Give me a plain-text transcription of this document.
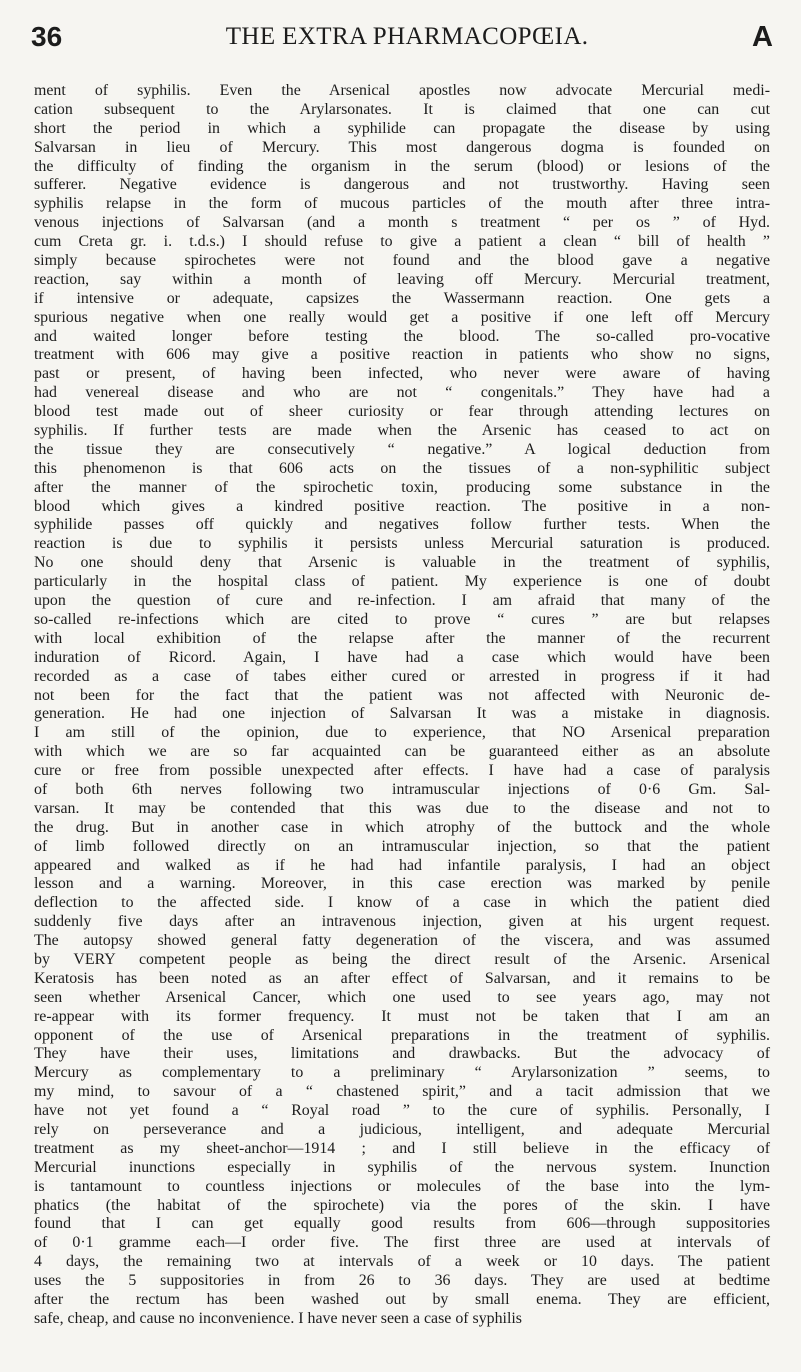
36	THE EXTRA PHARMACOPŒIA.	A
ment of syphilis. Even the Arsenical apostles now advocate Mercurial medi-
cation subsequent to the Arylarsonates. It is claimed that one can cut
short the period in which a syphilide can propagate the disease by using
Salvarsan in lieu of Mercury. This most dangerous dogma is founded on
the difficulty of finding the organism in the serum (blood) or lesions of the
sufferer. Negative evidence is dangerous and not trustworthy. Having seen
syphilis relapse in the form of mucous particles of the mouth after three intra-
venous injections of Salvarsan (and a month s treatment “ per os ” of Hyd.
cum Creta gr. i. t.d.s.) I should refuse to give a patient a clean “ bill of health ”
simply because spirochetes were not found and the blood gave a negative
reaction, say within a month of leaving off Mercury. Mercurial treatment,
if intensive or adequate, capsizes the Wassermann reaction. One gets a
spurious negative when one really would get a positive if one left off Mercury
and waited longer before testing the blood. The so-called pro-vocative
treatment with 606 may give a positive reaction in patients who show no signs,
past or present, of having been infected, who never were aware of having
had venereal disease and who are not “ congenitals.” They have had a
blood test made out of sheer curiosity or fear through attending lectures on
syphilis. If further tests are made when the Arsenic has ceased to act on
the tissue they are consecutively “ negative.” A logical deduction from
this phenomenon is that 606 acts on the tissues of a non-syphilitic subject
after the manner of the spirochetic toxin, producing some substance in the
blood which gives a kindred positive reaction. The positive in a non-
syphilide passes off quickly and negatives follow further tests. When the
reaction is due to syphilis it persists unless Mercurial saturation is produced.
No one should deny that Arsenic is valuable in the treatment of syphilis,
particularly in the hospital class of patient. My experience is one of doubt
upon the question of cure and re-infection. I am afraid that many of the
so-called re-infections which are cited to prove “ cures ” are but relapses
with local exhibition of the relapse after the manner of the recurrent
induration of Ricord. Again, I have had a case which would have been
recorded as a case of tabes either cured or arrested in progress if it had
not been for the fact that the patient was not affected with Neuronic de-
generation. He had one injection of Salvarsan It was a mistake in diagnosis.
I am still of the opinion, due to experience, that NO Arsenical preparation
with which we are so far acquainted can be guaranteed either as an absolute
cure or free from possible unexpected after effects. I have had a case of paralysis
of both 6th nerves following two intramuscular injections of 0·6 Gm. Sal-
varsan. It may be contended that this was due to the disease and not to
the drug. But in another case in which atrophy of the buttock and the whole
of limb followed directly on an intramuscular injection, so that the patient
appeared and walked as if he had had infantile paralysis, I had an object
lesson and a warning. Moreover, in this case erection was marked by penile
deflection to the affected side. I know of a case in which the patient died
suddenly five days after an intravenous injection, given at his urgent request.
The autopsy showed general fatty degeneration of the viscera, and was assumed
by VERY competent people as being the direct result of the Arsenic. Arsenical
Keratosis has been noted as an after effect of Salvarsan, and it remains to be
seen whether Arsenical Cancer, which one used to see years ago, may not
re-appear with its former frequency. It must not be taken that I am an
opponent of the use of Arsenical preparations in the treatment of syphilis.
They have their uses, limitations and drawbacks. But the advocacy of
Mercury as complementary to a preliminary “ Arylarsonization ” seems, to
my mind, to savour of a “ chastened spirit,” and a tacit admission that we
have not yet found a “ Royal road ” to the cure of syphilis. Personally, I
rely on perseverance and a judicious, intelligent, and adequate Mercurial
treatment as my sheet-anchor—1914 ; and I still believe in the efficacy of
Mercurial inunctions especially in syphilis of the nervous system. Inunction
is tantamount to countless injections or molecules of the base into the lym-
phatics (the habitat of the spirochete) via the pores of the skin. I have
found that I can get equally good results from 606—through suppositories
of 0·1 gramme each—I order five. The first three are used at intervals of
4 days, the remaining two at intervals of a week or 10 days. The patient
uses the 5 suppositories in from 26 to 36 days. They are used at bedtime
after the rectum has been washed out by small enema. They are efficient,
safe, cheap, and cause no inconvenience. I have never seen a case of syphilis
